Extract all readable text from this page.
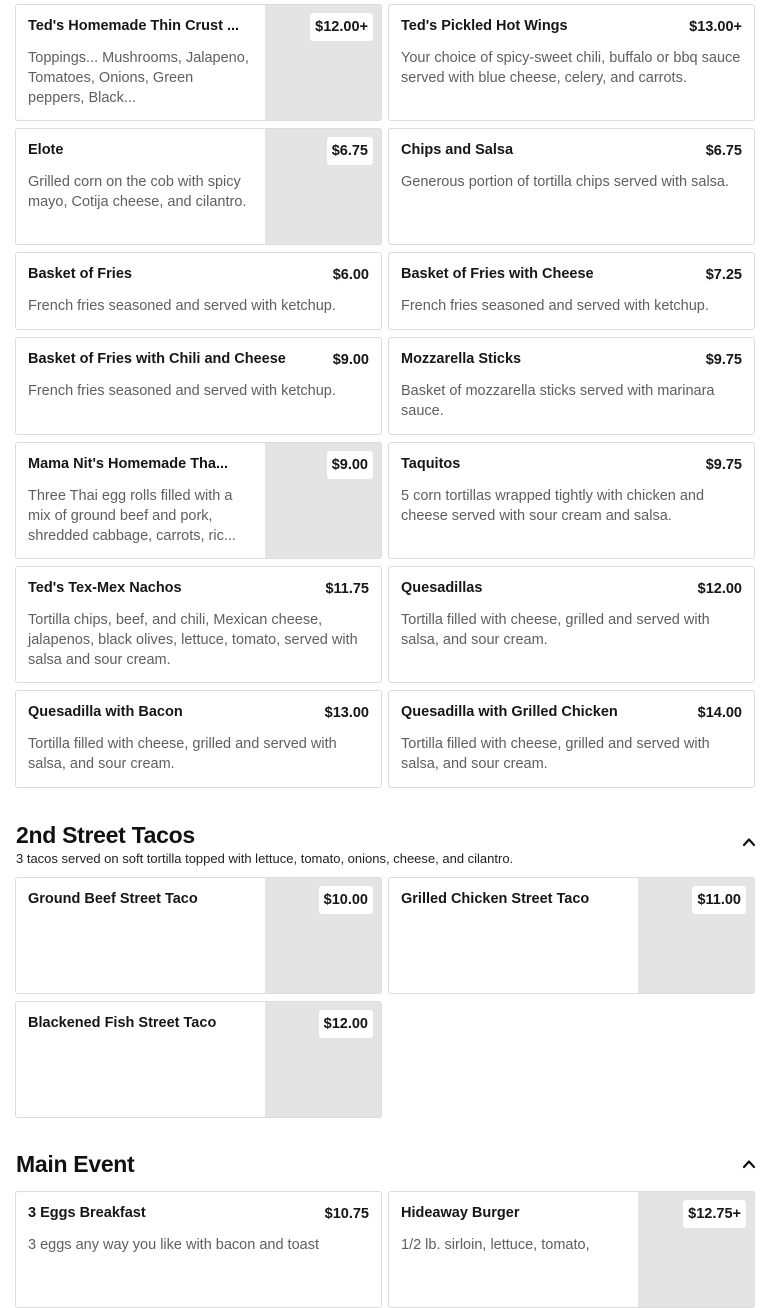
Ted's Homemade Thin Crust ...
Toppings... Mushrooms, Jalapeno, Tomatoes, Onions, Green peppers, Black...
$12.00+	Ted's Pickled Hot Wings
Your choice of spicy-sweet chili, buffalo or bbq sauce served with blue cheese, celery, and carrots.
$13.00+
Elote
Grilled corn on the cob with spicy mayo, Cotija cheese, and cilantro.
$6.75	Chips and Salsa
Generous portion of tortilla chips served with salsa.
$6.75
Basket of Fries
French fries seasoned and served with ketchup.
$6.00 Basket of Fries with Cheese
French fries seasoned and served with ketchup.
$7.25
Basket of Fries with Chili and Cheese
French fries seasoned and served with ketchup.
$9.00 Mozzarella Sticks
Basket of mozzarella sticks served with marinara sauce.
$9.75
Mama Nit's Homemade Tha...
Three Thai egg rolls filled with a mix of ground beef and pork, shredded cabbage, carrots, ric...
$9.00	Taquitos
5 corn tortillas wrapped tightly with chicken and cheese served with sour cream and salsa.
$9.75
Ted's Tex-Mex Nachos
Tortilla chips, beef, and chili, Mexican cheese, jalapenos, black olives, lettuce, tomato, served with salsa and sour cream.
$11.75 Quesadillas
Tortilla filled with cheese, grilled and served with salsa, and sour cream.
$12.00
Quesadilla with Bacon
Tortilla filled with cheese, grilled and served with salsa, and sour cream.
$13.00 Quesadilla with Grilled Chicken
Tortilla filled with cheese, grilled and served with salsa, and sour cream.
$14.00
2nd Street Tacos
3 tacos served on soft tortilla topped with lettuce, tomato, onions, cheese, and cilantro.
Ground Beef Street Taco	$10.00	Grilled Chicken Street Taco	$11.00
Blackened Fish Street Taco	$12.00
Main Event
3 Eggs Breakfast
3 eggs any way you like with bacon and toast
$10.75 Hideaway Burger
1/2 lb. sirloin, lettuce, tomato,
$12.75+
